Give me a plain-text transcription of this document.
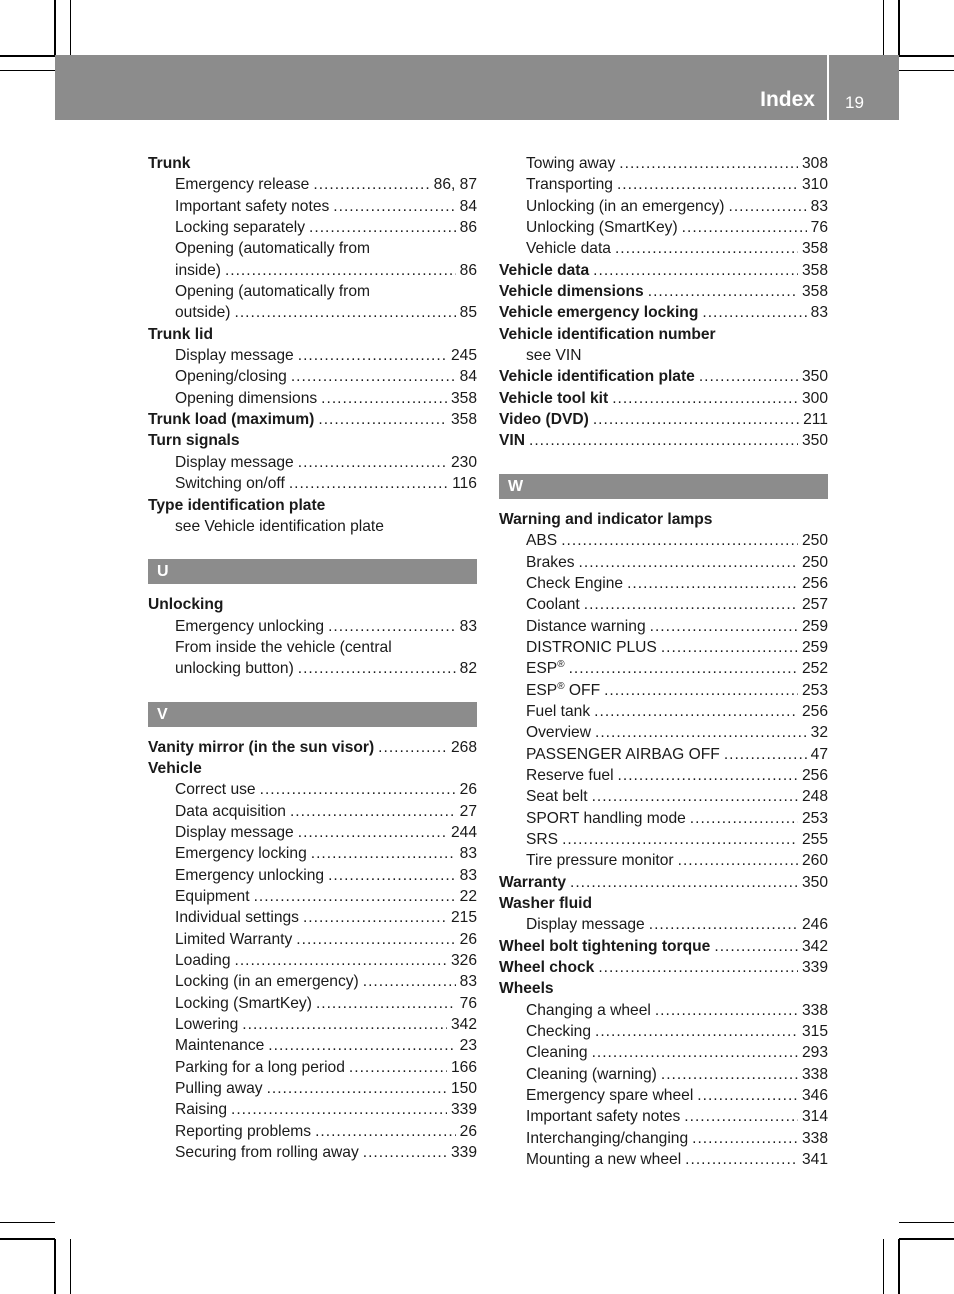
Index 19
Trunk
Emergency release .....	86, 87
Important safety notes .....	84
Locking separately .....	86
Opening (automatically from
inside) .....	86
Opening (automatically from
outside) .....	85
Trunk lid
Display message .....	245
Opening/closing .....	84
Opening dimensions .....	358
Trunk load (maximum) .....	358
Turn signals
Display message .....	230
Switching on/off .....	116
Type identification plate
see Vehicle identification plate
U
Unlocking
Emergency unlocking .....	83
From inside the vehicle (central
unlocking button) .....	82
V
Vanity mirror (in the sun visor) .....	268
Vehicle
Correct use .....	26
Data acquisition .....	27
Display message .....	244
Emergency locking .....	83
Emergency unlocking .....	83
Equipment .....	22
Individual settings .....	215
Limited Warranty .....	26
Loading .....	326
Locking (in an emergency) .....	83
Locking (SmartKey) .....	76
Lowering .....	342
Maintenance .....	23
Parking for a long period .....	166
Pulling away .....	150
Raising .....	339
Reporting problems .....	26
Securing from rolling away .....	339
Towing away .....	308
Transporting .....	310
Unlocking (in an emergency) .....	83
Unlocking (SmartKey) .....	76
Vehicle data .....	358
Vehicle data .....	358
Vehicle dimensions .....	358
Vehicle emergency locking .....	83
Vehicle identification number
see VIN
Vehicle identification plate .....	350
Vehicle tool kit .....	300
Video (DVD) .....	211
VIN .....	350
W
Warning and indicator lamps
ABS .....	250
Brakes .....	250
Check Engine .....	256
Coolant .....	257
Distance warning .....	259
DISTRONIC PLUS .....	259
ESP® .....	252
ESP® OFF .....	253
Fuel tank .....	256
Overview .....	32
PASSENGER AIRBAG OFF .....	47
Reserve fuel .....	256
Seat belt .....	248
SPORT handling mode .....	253
SRS .....	255
Tire pressure monitor .....	260
Warranty .....	350
Washer fluid
Display message .....	246
Wheel bolt tightening torque .....	342
Wheel chock .....	339
Wheels
Changing a wheel .....	338
Checking .....	315
Cleaning .....	293
Cleaning (warning) .....	338
Emergency spare wheel .....	346
Important safety notes .....	314
Interchanging/changing .....	338
Mounting a new wheel .....	341
